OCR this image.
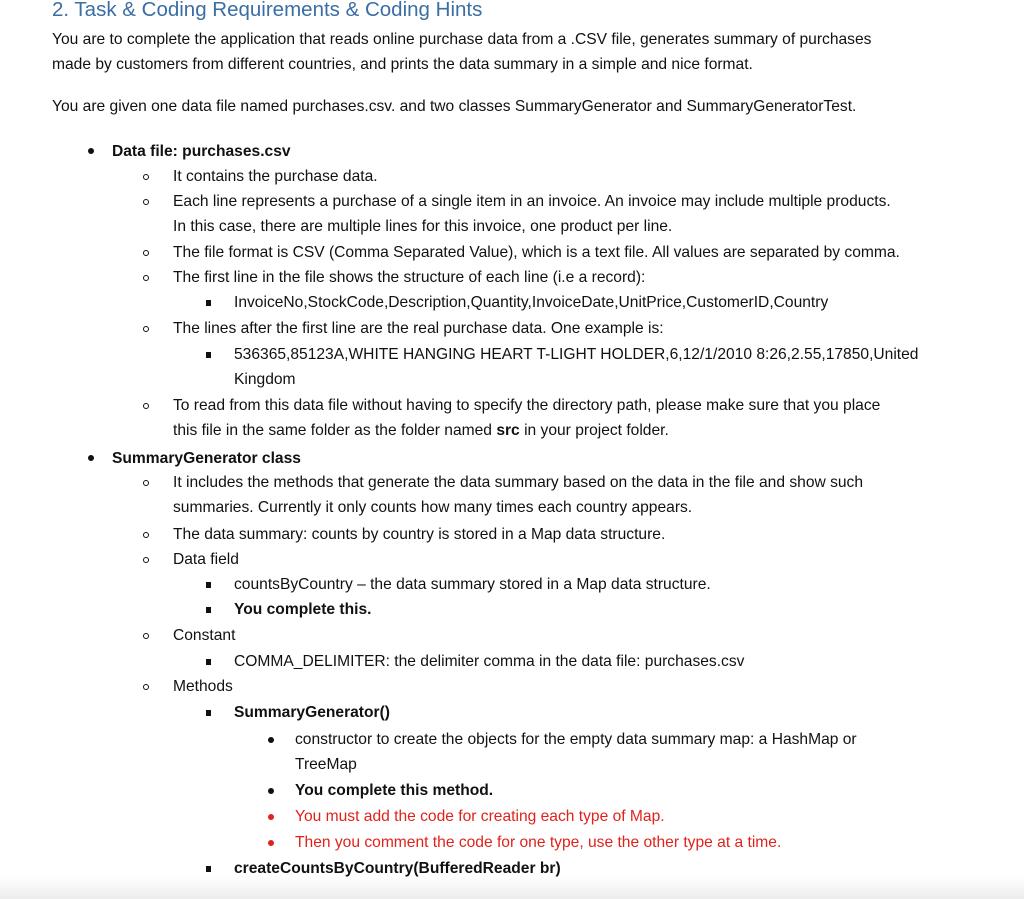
2. Task & Coding Requirements & Coding Hints
You are to complete the application that reads online purchase data from a .CSV file, generates summary of purchases
made by customers from different countries, and prints the data summary in a simple and nice format.
You are given one data file named purchases.csv. and two classes SummaryGenerator and SummaryGeneratorTest.
Data file: purchases.csv
It contains the purchase data.
Each line represents a purchase of a single item in an invoice. An invoice may include multiple products.
In this case, there are multiple lines for this invoice, one product per line.
The file format is CSV (Comma Separated Value), which is a text file. All values are separated by comma.
The first line in the file shows the structure of each line (i.e a record):
InvoiceNo,StockCode,Description,Quantity,InvoiceDate,UnitPrice,CustomerID,Country
The lines after the first line are the real purchase data. One example is:
536365,85123A,WHITE HANGING HEART T-LIGHT HOLDER,6,12/1/2010 8:26,2.55,17850,United
Kingdom
To read from this data file without having to specify the directory path, please make sure that you place
this file in the same folder as the folder named src in your project folder.
SummaryGenerator class
It includes the methods that generate the data summary based on the data in the file and show such
summaries. Currently it only counts how many times each country appears.
The data summary: counts by country is stored in a Map data structure.
Data field
countsByCountry – the data summary stored in a Map data structure.
You complete this.
Constant
COMMA_DELIMITER: the delimiter comma in the data file: purchases.csv
Methods
SummaryGenerator()
constructor to create the objects for the empty data summary map: a HashMap or
TreeMap
You complete this method.
You must add the code for creating each type of Map.
Then you comment the code for one type, use the other type at a time.
createCountsByCountry(BufferedReader br)
